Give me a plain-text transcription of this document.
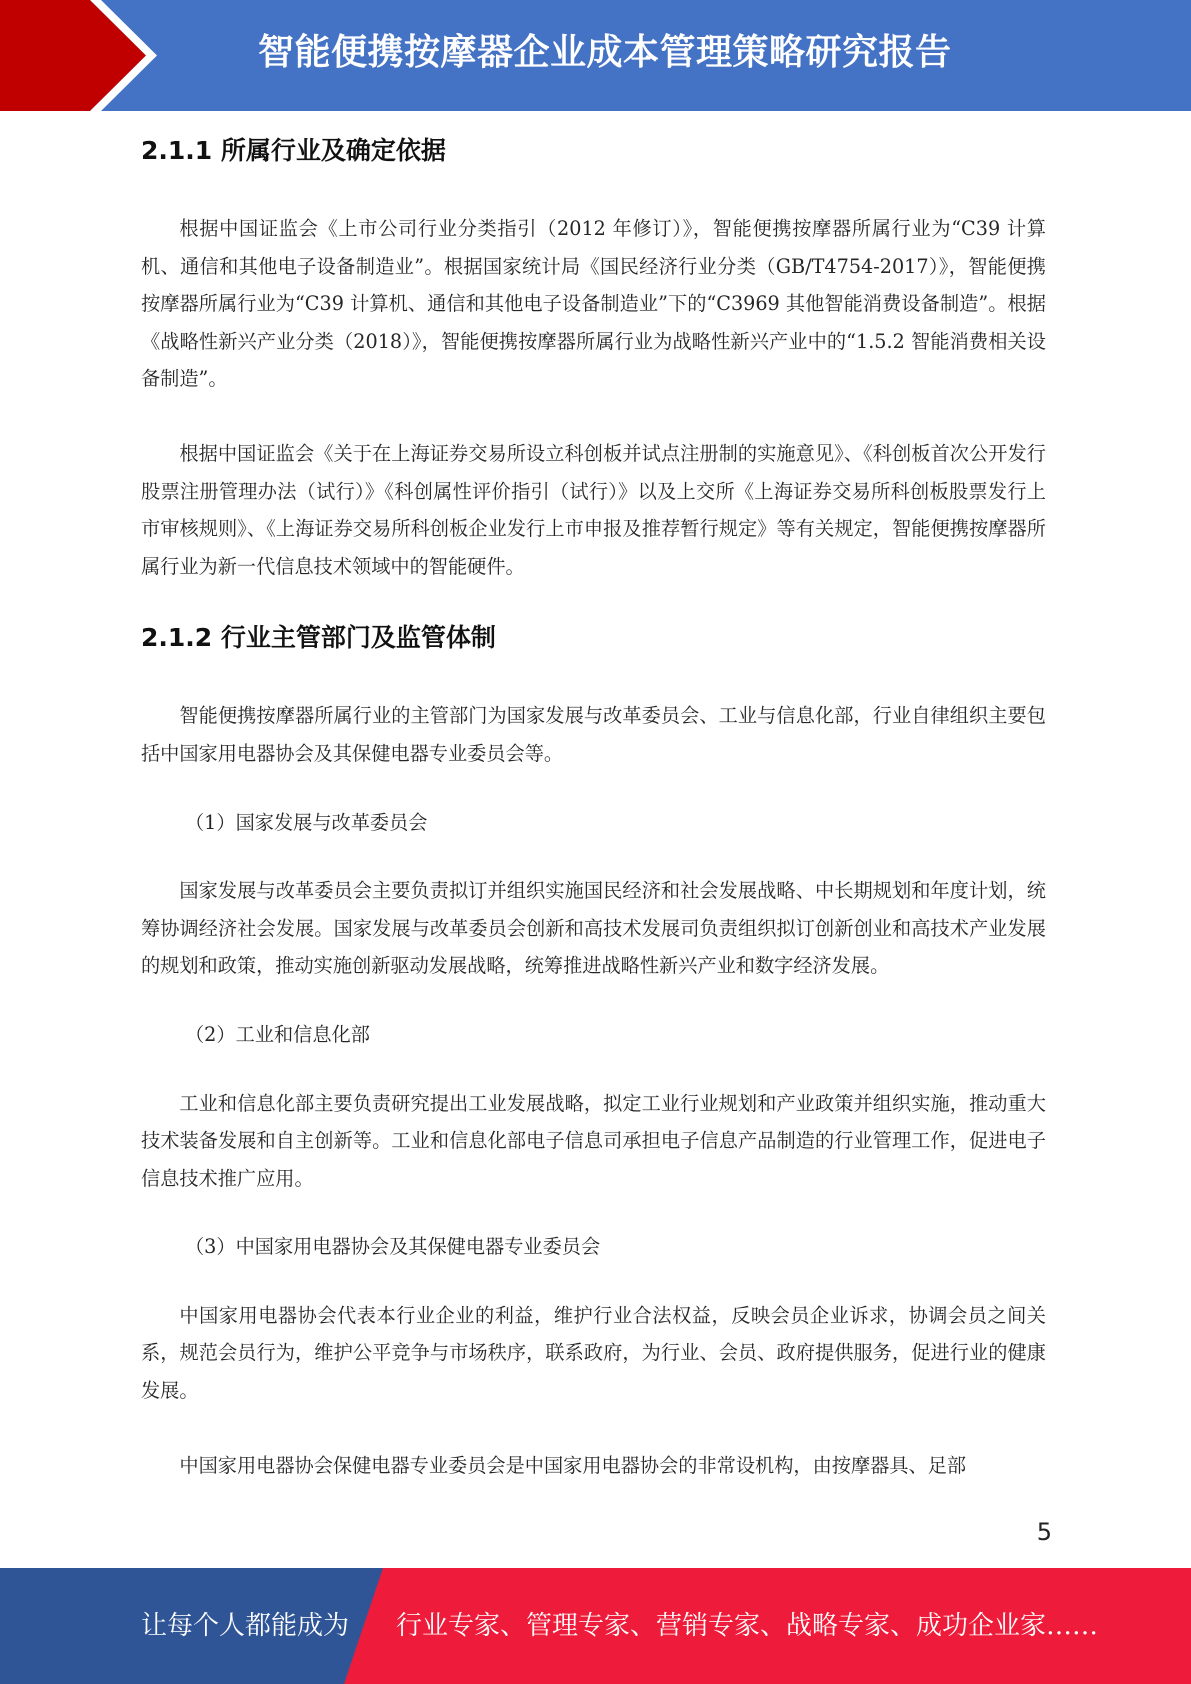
智能便携按摩器企业成本管理策略研究报告
2.1.1 所属行业及确定依据

根据中国证监会《上市公司行业分类指引（2012 年修订）》，智能便携按摩器所属行业为“C39 计算机、通信和其他电子设备制造业”。根据国家统计局《国民经济行业分类（GB/T4754-2017）》，智能便携按摩器所属行业为“C39 计算机、通信和其他电子设备制造业”下的“C3969 其他智能消费设备制造”。根据《战略性新兴产业分类（2018）》，智能便携按摩器所属行业为战略性新兴产业中的“1.5.2 智能消费相关设备制造”。

根据中国证监会《关于在上海证券交易所设立科创板并试点注册制的实施意见》、《科创板首次公开发行股票注册管理办法（试行）》《科创属性评价指引（试行）》以及上交所《上海证券交易所科创板股票发行上市审核规则》、《上海证券交易所科创板企业发行上市申报及推荐暂行规定》等有关规定，智能便携按摩器所属行业为新一代信息技术领域中的智能硬件。

2.1.2 行业主管部门及监管体制

智能便携按摩器所属行业的主管部门为国家发展与改革委员会、工业与信息化部，行业自律组织主要包括中国家用电器协会及其保健电器专业委员会等。

（1）国家发展与改革委员会

国家发展与改革委员会主要负责拟订并组织实施国民经济和社会发展战略、中长期规划和年度计划，统筹协调经济社会发展。国家发展与改革委员会创新和高技术发展司负责组织拟订创新创业和高技术产业发展的规划和政策，推动实施创新驱动发展战略，统筹推进战略性新兴产业和数字经济发展。

（2）工业和信息化部

工业和信息化部主要负责研究提出工业发展战略，拟定工业行业规划和产业政策并组织实施，推动重大技术装备发展和自主创新等。工业和信息化部电子信息司承担电子信息产品制造的行业管理工作，促进电子信息技术推广应用。

（3）中国家用电器协会及其保健电器专业委员会

中国家用电器协会代表本行业企业的利益，维护行业合法权益，反映会员企业诉求，协调会员之间关系，规范会员行为，维护公平竞争与市场秩序，联系政府，为行业、会员、政府提供服务，促进行业的健康发展。

中国家用电器协会保健电器专业委员会是中国家用电器协会的非常设机构，由按摩器具、足部

5
让每个人都能成为 行业专家、管理专家、营销专家、战略专家、成功企业家……
